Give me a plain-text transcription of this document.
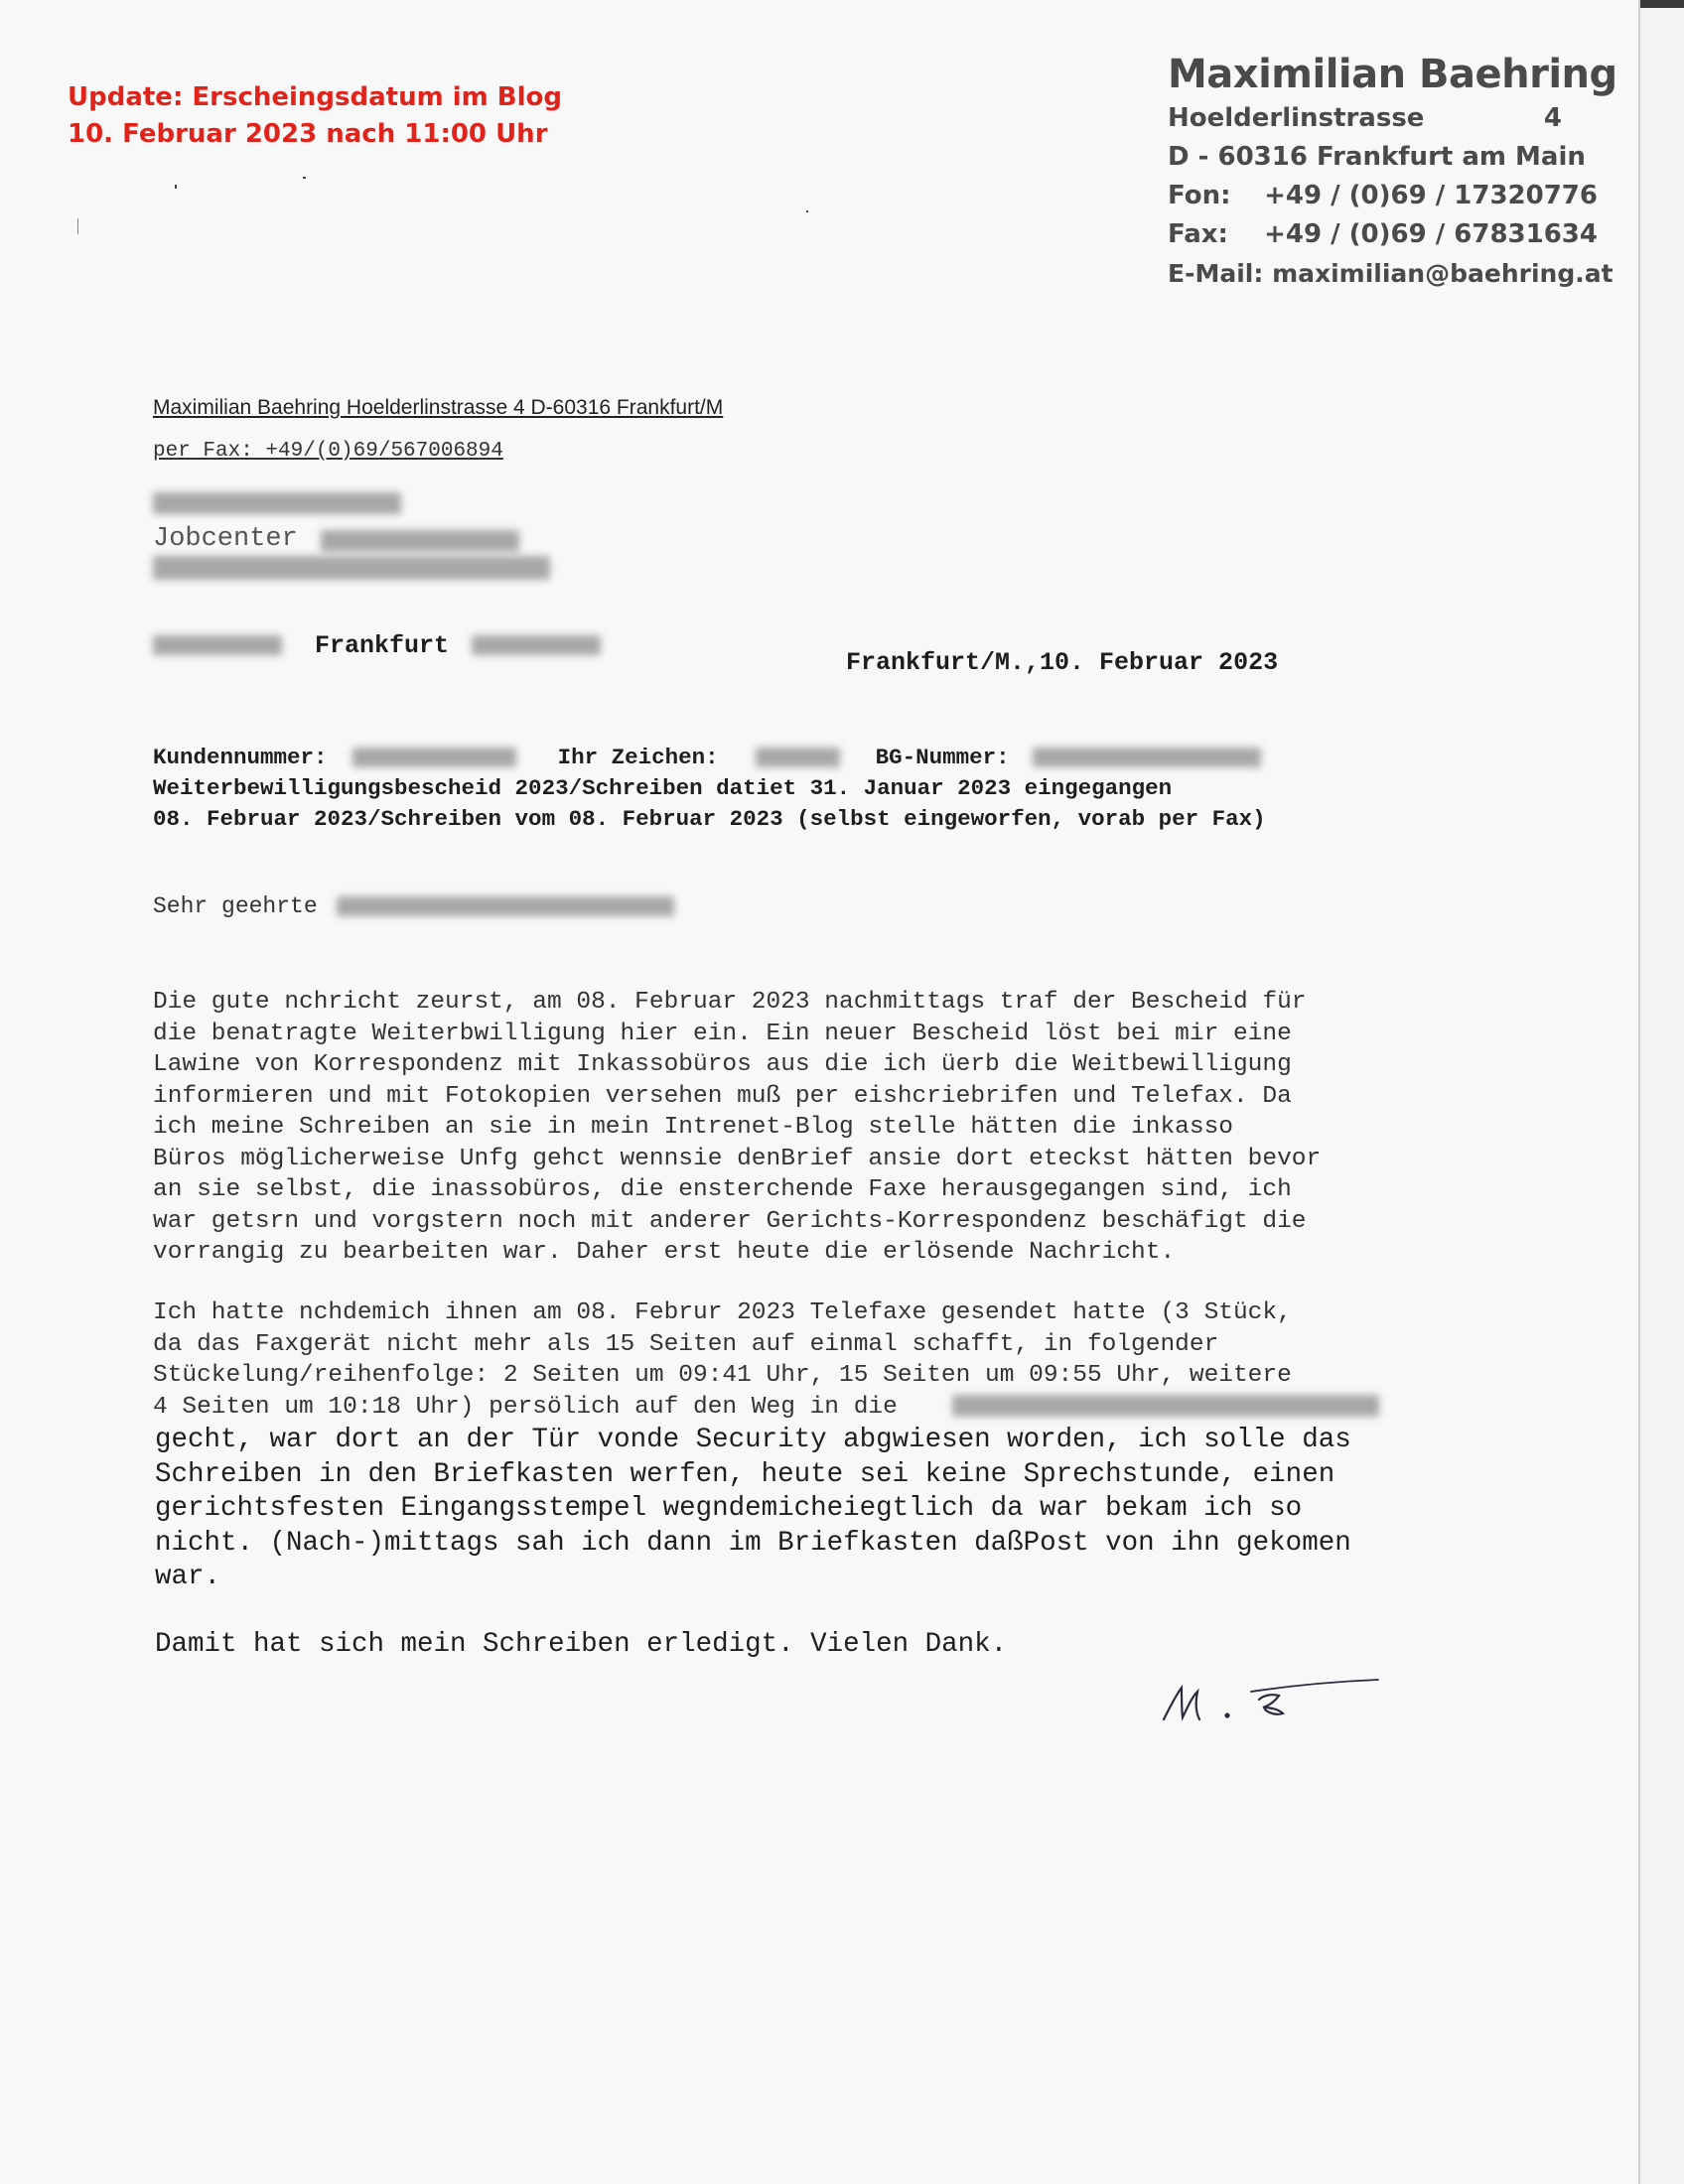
Update: Erscheingsdatum im Blog
10. Februar 2023 nach 11:00 Uhr
Maximilian Baehring
Hoelderlinstrasse	4
D - 60316 Frankfurt am Main
Fon: +49 / (0)69 / 17320776
Fax: +49 / (0)69 / 67831634
E-Mail: maximilian@baehring.at
Maximilian Baehring Hoelderlinstrasse 4 D-60316 Frankfurt/M
per Fax: +49/(0)69/567006894
Jobcenter
Frankfurt
Frankfurt/M.,10. Februar 2023
Kundennummer:	Ihr Zeichen:	BG-Nummer:
Weiterbewilligungsbescheid 2023/Schreiben datiet 31. Januar 2023 eingegangen
08. Februar 2023/Schreiben vom 08. Februar 2023 (selbst eingeworfen, vorab per Fax)
Sehr geehrte
Die gute nchricht zeurst, am 08. Februar 2023 nachmittags traf der Bescheid für
die benatragte Weiterbwilligung hier ein. Ein neuer Bescheid löst bei mir eine
Lawine von Korrespondenz mit Inkassobüros aus die ich üerb die Weitbewilligung
informieren und mit Fotokopien versehen muß per eishcriebrifen und Telefax. Da
ich meine Schreiben an sie in mein Intrenet-Blog stelle hätten die inkasso
Büros möglicherweise Unfg gehct wennsie denBrief ansie dort eteckst hätten bevor
an sie selbst, die inassobüros, die ensterchende Faxe herausgegangen sind, ich
war getsrn und vorgstern noch mit anderer Gerichts-Korrespondenz beschäfigt die
vorrangig zu bearbeiten war. Daher erst heute die erlösende Nachricht.
Ich hatte nchdemich ihnen am 08. Februr 2023 Telefaxe gesendet hatte (3 Stück,
da das Faxgerät nicht mehr als 15 Seiten auf einmal schafft, in folgender
Stückelung/reihenfolge: 2 Seiten um 09:41 Uhr, 15 Seiten um 09:55 Uhr, weitere
4 Seiten um 10:18 Uhr) persölich auf den Weg in die
gecht, war dort an der Tür vonde Security abgwiesen worden, ich solle das
Schreiben in den Briefkasten werfen, heute sei keine Sprechstunde, einen
gerichtsfesten Eingangsstempel wegndemicheiegtlich da war bekam ich so
nicht. (Nach-)mittags sah ich dann im Briefkasten daßPost von ihn gekomen
war.
Damit hat sich mein Schreiben erledigt. Vielen Dank.
